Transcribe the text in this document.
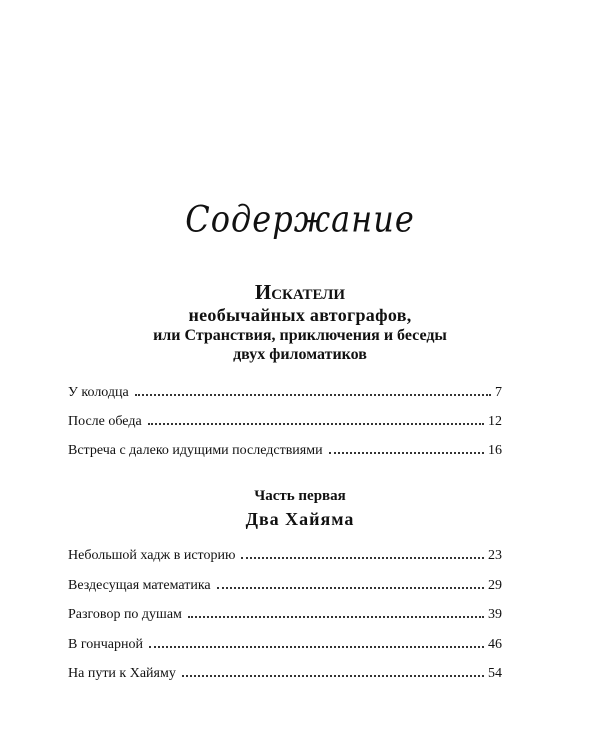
Содержание
Искатели
необычайных автографов,
или Странствия, приключения и беседы
двух филоматиков
У колодца	7
После обеда	12
Встреча с далеко идущими последствиями	16
Часть первая
Два Хайяма
Небольшой хадж в историю	23
Вездесущая математика	29
Разговор по душам	39
В гончарной	46
На пути к Хайяму	54
